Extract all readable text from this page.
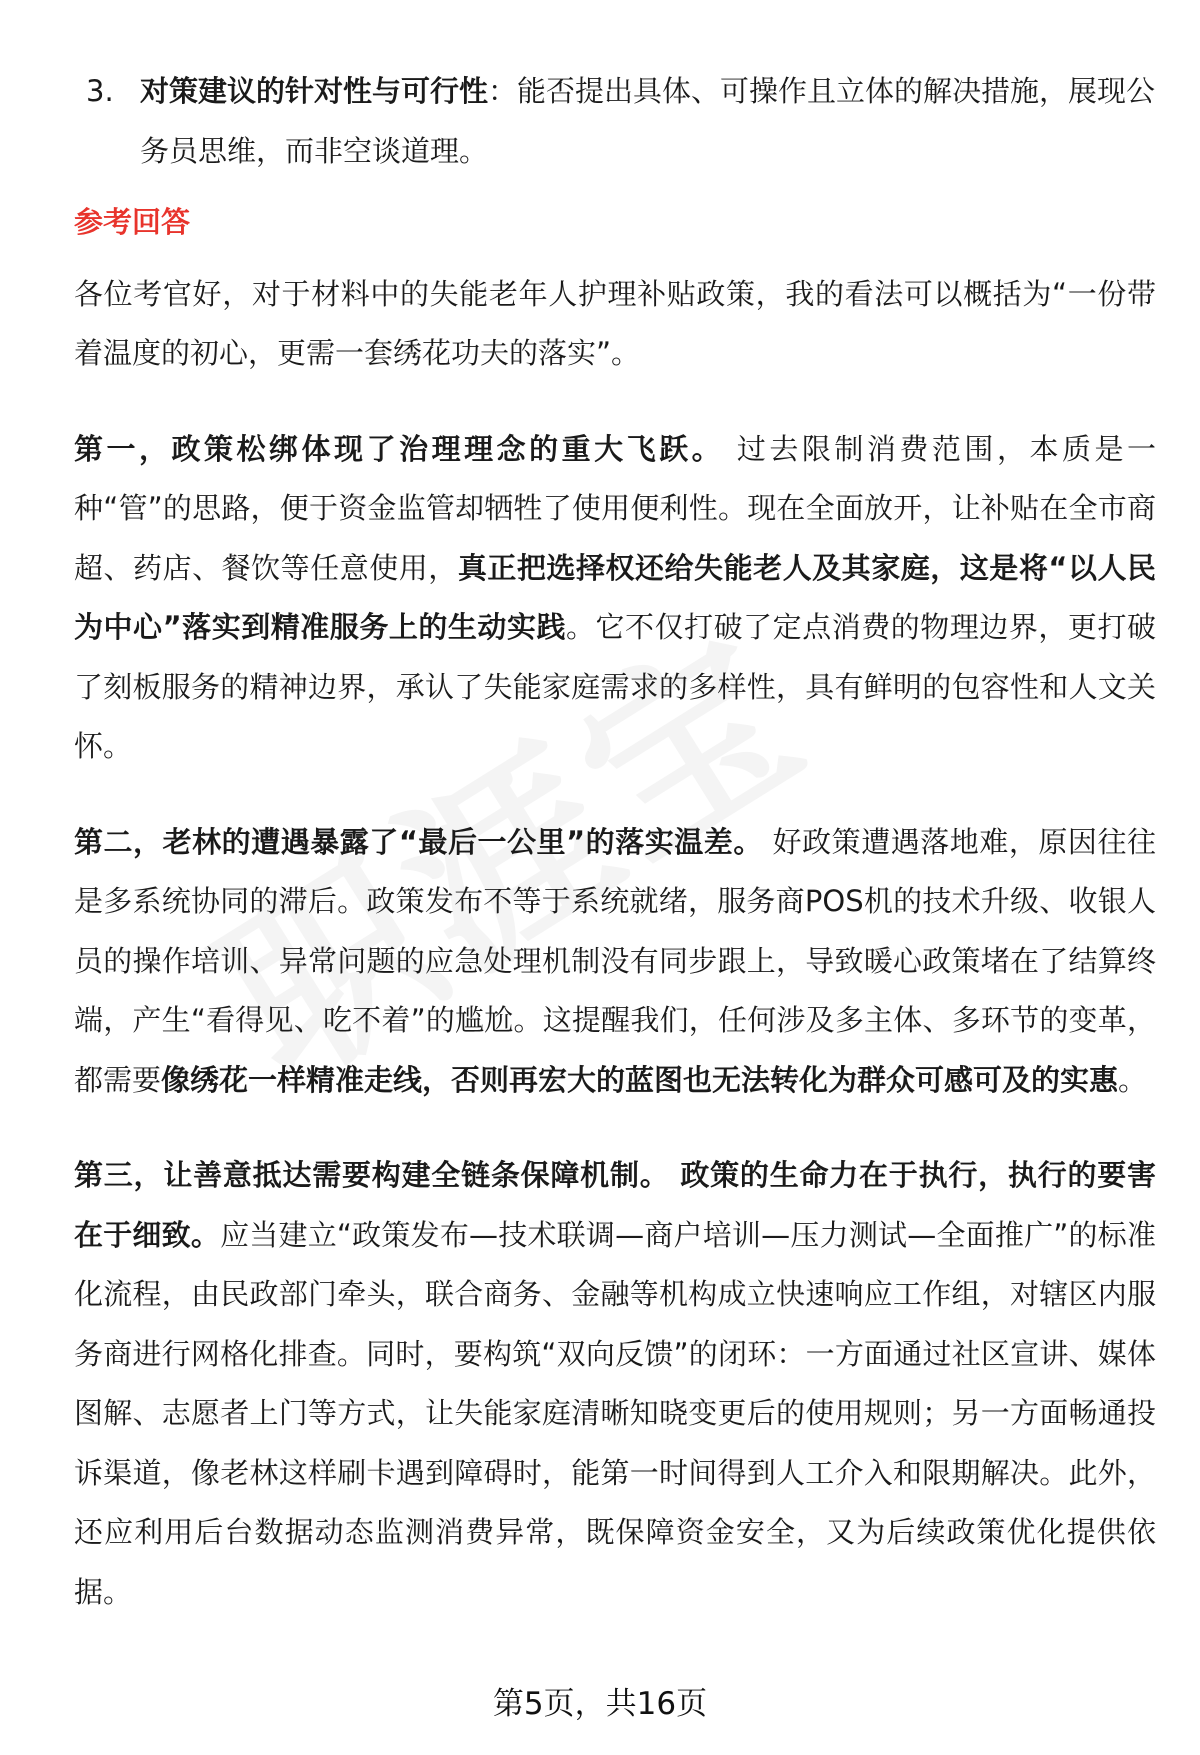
3. 对策建议的针对性与可行性：能否提出具体、可操作且立体的解决措施，展现公务员思维，而非空谈道理。
参考回答
各位考官好，对于材料中的失能老年人护理补贴政策，我的看法可以概括为“一份带着温度的初心，更需一套绣花功夫的落实”。
第一，政策松绑体现了治理理念的重大飞跃。 过去限制消费范围，本质是一种“管”的思路，便于资金监管却牺牲了使用便利性。现在全面放开，让补贴在全市商超、药店、餐饮等任意使用，真正把选择权还给失能老人及其家庭，这是将“以人民为中心”落实到精准服务上的生动实践。它不仅打破了定点消费的物理边界，更打破了刻板服务的精神边界，承认了失能家庭需求的多样性，具有鲜明的包容性和人文关怀。
第二，老林的遭遇暴露了“最后一公里”的落实温差。 好政策遭遇落地难，原因往往是多系统协同的滞后。政策发布不等于系统就绪，服务商POS机的技术升级、收银人员的操作培训、异常问题的应急处理机制没有同步跟上，导致暖心政策堵在了结算终端，产生“看得见、吃不着”的尴尬。这提醒我们，任何涉及多主体、多环节的变革，都需要像绣花一样精准走线，否则再宏大的蓝图也无法转化为群众可感可及的实惠。
第三，让善意抵达需要构建全链条保障机制。 政策的生命力在于执行，执行的要害在于细致。应当建立“政策发布—技术联调—商户培训—压力测试—全面推广”的标准化流程，由民政部门牵头，联合商务、金融等机构成立快速响应工作组，对辖区内服务商进行网格化排查。同时，要构筑“双向反馈”的闭环：一方面通过社区宣讲、媒体图解、志愿者上门等方式，让失能家庭清晰知晓变更后的使用规则；另一方面畅通投诉渠道，像老林这样刷卡遇到障碍时，能第一时间得到人工介入和限期解决。此外，还应利用后台数据动态监测消费异常，既保障资金安全，又为后续政策优化提供依据。
第5页，共16页
